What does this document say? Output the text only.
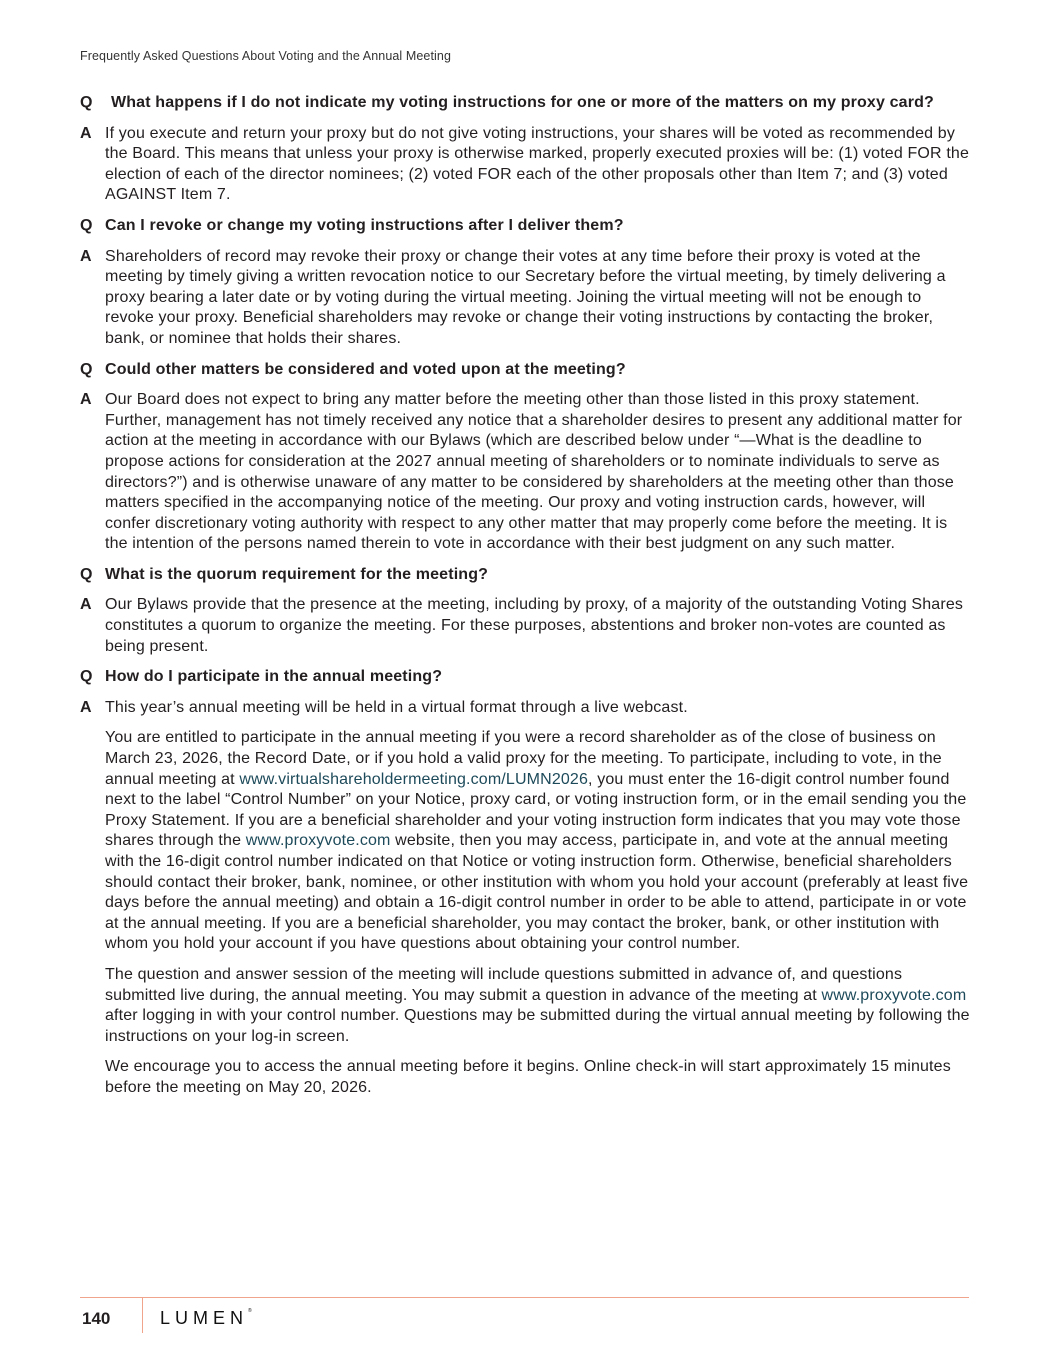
Frequently Asked Questions About Voting and the Annual Meeting
Q	What happens if I do not indicate my voting instructions for one or more of the matters on my proxy card?
A If you execute and return your proxy but do not give voting instructions, your shares will be voted as recommended by the Board. This means that unless your proxy is otherwise marked, properly executed proxies will be: (1) voted FOR the election of each of the director nominees; (2) voted FOR each of the other proposals other than Item 7; and (3) voted AGAINST Item 7.
Q Can I revoke or change my voting instructions after I deliver them?
A Shareholders of record may revoke their proxy or change their votes at any time before their proxy is voted at the meeting by timely giving a written revocation notice to our Secretary before the virtual meeting, by timely delivering a proxy bearing a later date or by voting during the virtual meeting. Joining the virtual meeting will not be enough to revoke your proxy. Beneficial shareholders may revoke or change their voting instructions by contacting the broker, bank, or nominee that holds their shares.
Q Could other matters be considered and voted upon at the meeting?
A Our Board does not expect to bring any matter before the meeting other than those listed in this proxy statement. Further, management has not timely received any notice that a shareholder desires to present any additional matter for action at the meeting in accordance with our Bylaws (which are described below under “—What is the deadline to propose actions for consideration at the 2027 annual meeting of shareholders or to nominate individuals to serve as directors?”) and is otherwise unaware of any matter to be considered by shareholders at the meeting other than those matters specified in the accompanying notice of the meeting. Our proxy and voting instruction cards, however, will confer discretionary voting authority with respect to any other matter that may properly come before the meeting. It is the intention of the persons named therein to vote in accordance with their best judgment on any such matter.
Q What is the quorum requirement for the meeting?
A Our Bylaws provide that the presence at the meeting, including by proxy, of a majority of the outstanding Voting Shares constitutes a quorum to organize the meeting. For these purposes, abstentions and broker non-votes are counted as being present.
Q How do I participate in the annual meeting?
A This year’s annual meeting will be held in a virtual format through a live webcast.
You are entitled to participate in the annual meeting if you were a record shareholder as of the close of business on March 23, 2026, the Record Date, or if you hold a valid proxy for the meeting. To participate, including to vote, in the annual meeting at www.virtualshareholdermeeting.com/LUMN2026, you must enter the 16-digit control number found next to the label “Control Number” on your Notice, proxy card, or voting instruction form, or in the email sending you the Proxy Statement. If you are a beneficial shareholder and your voting instruction form indicates that you may vote those shares through the www.proxyvote.com website, then you may access, participate in, and vote at the annual meeting with the 16-digit control number indicated on that Notice or voting instruction form. Otherwise, beneficial shareholders should contact their broker, bank, nominee, or other institution with whom you hold your account (preferably at least five days before the annual meeting) and obtain a 16-digit control number in order to be able to attend, participate in or vote at the annual meeting. If you are a beneficial shareholder, you may contact the broker, bank, or other institution with whom you hold your account if you have questions about obtaining your control number.
The question and answer session of the meeting will include questions submitted in advance of, and questions submitted live during, the annual meeting. You may submit a question in advance of the meeting at www.proxyvote.com after logging in with your control number. Questions may be submitted during the virtual annual meeting by following the instructions on your log-in screen.
We encourage you to access the annual meeting before it begins. Online check-in will start approximately 15 minutes before the meeting on May 20, 2026.
140	LUMEN®
